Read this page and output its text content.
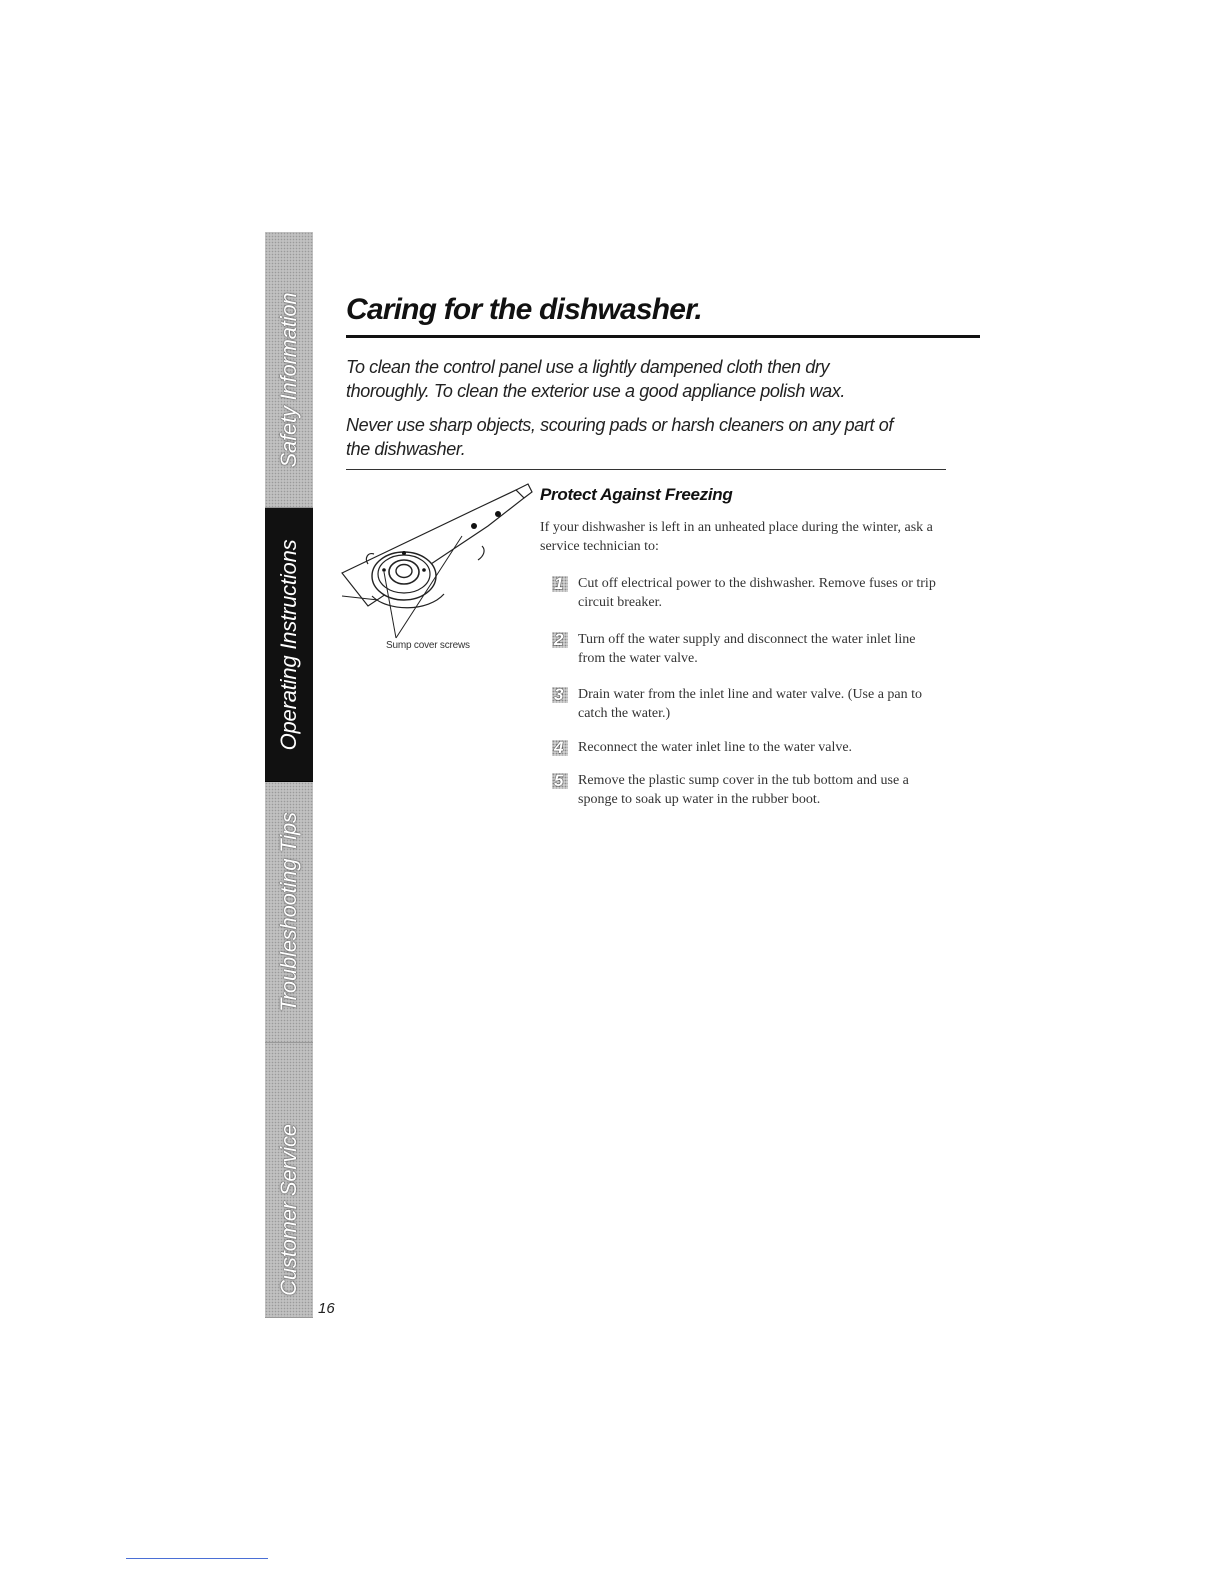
Safety Information
Operating Instructions
Troubleshooting Tips
Customer Service
16
Caring for the dishwasher.

To clean the control panel use a lightly dampened cloth then dry thoroughly. To clean the exterior use a good appliance polish wax.

Never use sharp objects, scouring pads or harsh cleaners on any part of the dishwasher.

Sump cover screws
Protect Against Freezing

If your dishwasher is left in an unheated place during the winter, ask a service technician to:

1 Cut off electrical power to the dishwasher. Remove fuses or trip circuit breaker.

2 Turn off the water supply and disconnect the water inlet line from the water valve.

3 Drain water from the inlet line and water valve. (Use a pan to catch the water.)

4 Reconnect the water inlet line to the water valve.

5 Remove the plastic sump cover in the tub bottom and use a sponge to soak up water in the rubber boot.
